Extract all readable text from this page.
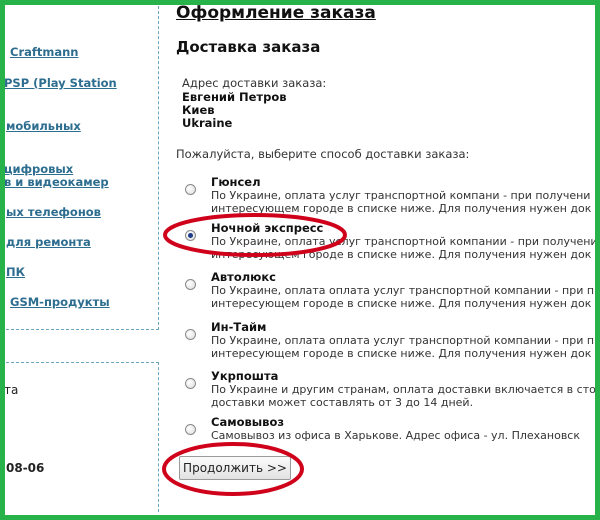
Craftmann
PSP (Play Station
мобильных
цифровых
в и видеокамер
ых телефонов
для ремонта
ПК
GSM-продукты
та
08-06
Оформление заказа
Доставка заказа
Адрес доставки заказа:
Евгений Петров
Киев
Ukraine
Пожалуйста, выберите способ доставки заказа:
Гюнсел
По Украине, оплата услуг транспортной компани - при получени
интересующем городе в списке ниже. Для получения нужен док
Ночной экспресс
По Украине, оплата услуг транспортной компании - при получени
интересующем городе в списке ниже. Для получения нужен док
Автолюкс
По Украине, оплата оплата услуг транспортной компании - при п
интересующем городе в списке ниже. Для получения нужен док
Ин-Тайм
По Украине, оплата оплата услуг транспортной компании - при п
интересующем городе в списке ниже. Для получения нужен док
Укрпошта
По Украине и другим странам, оплата доставки включается в сто
доставки может составлять от 3 до 14 дней.
Самовывоз
Самовывоз из офиса в Харькове. Адрес офиса - ул. Плехановск
Продолжить >>
